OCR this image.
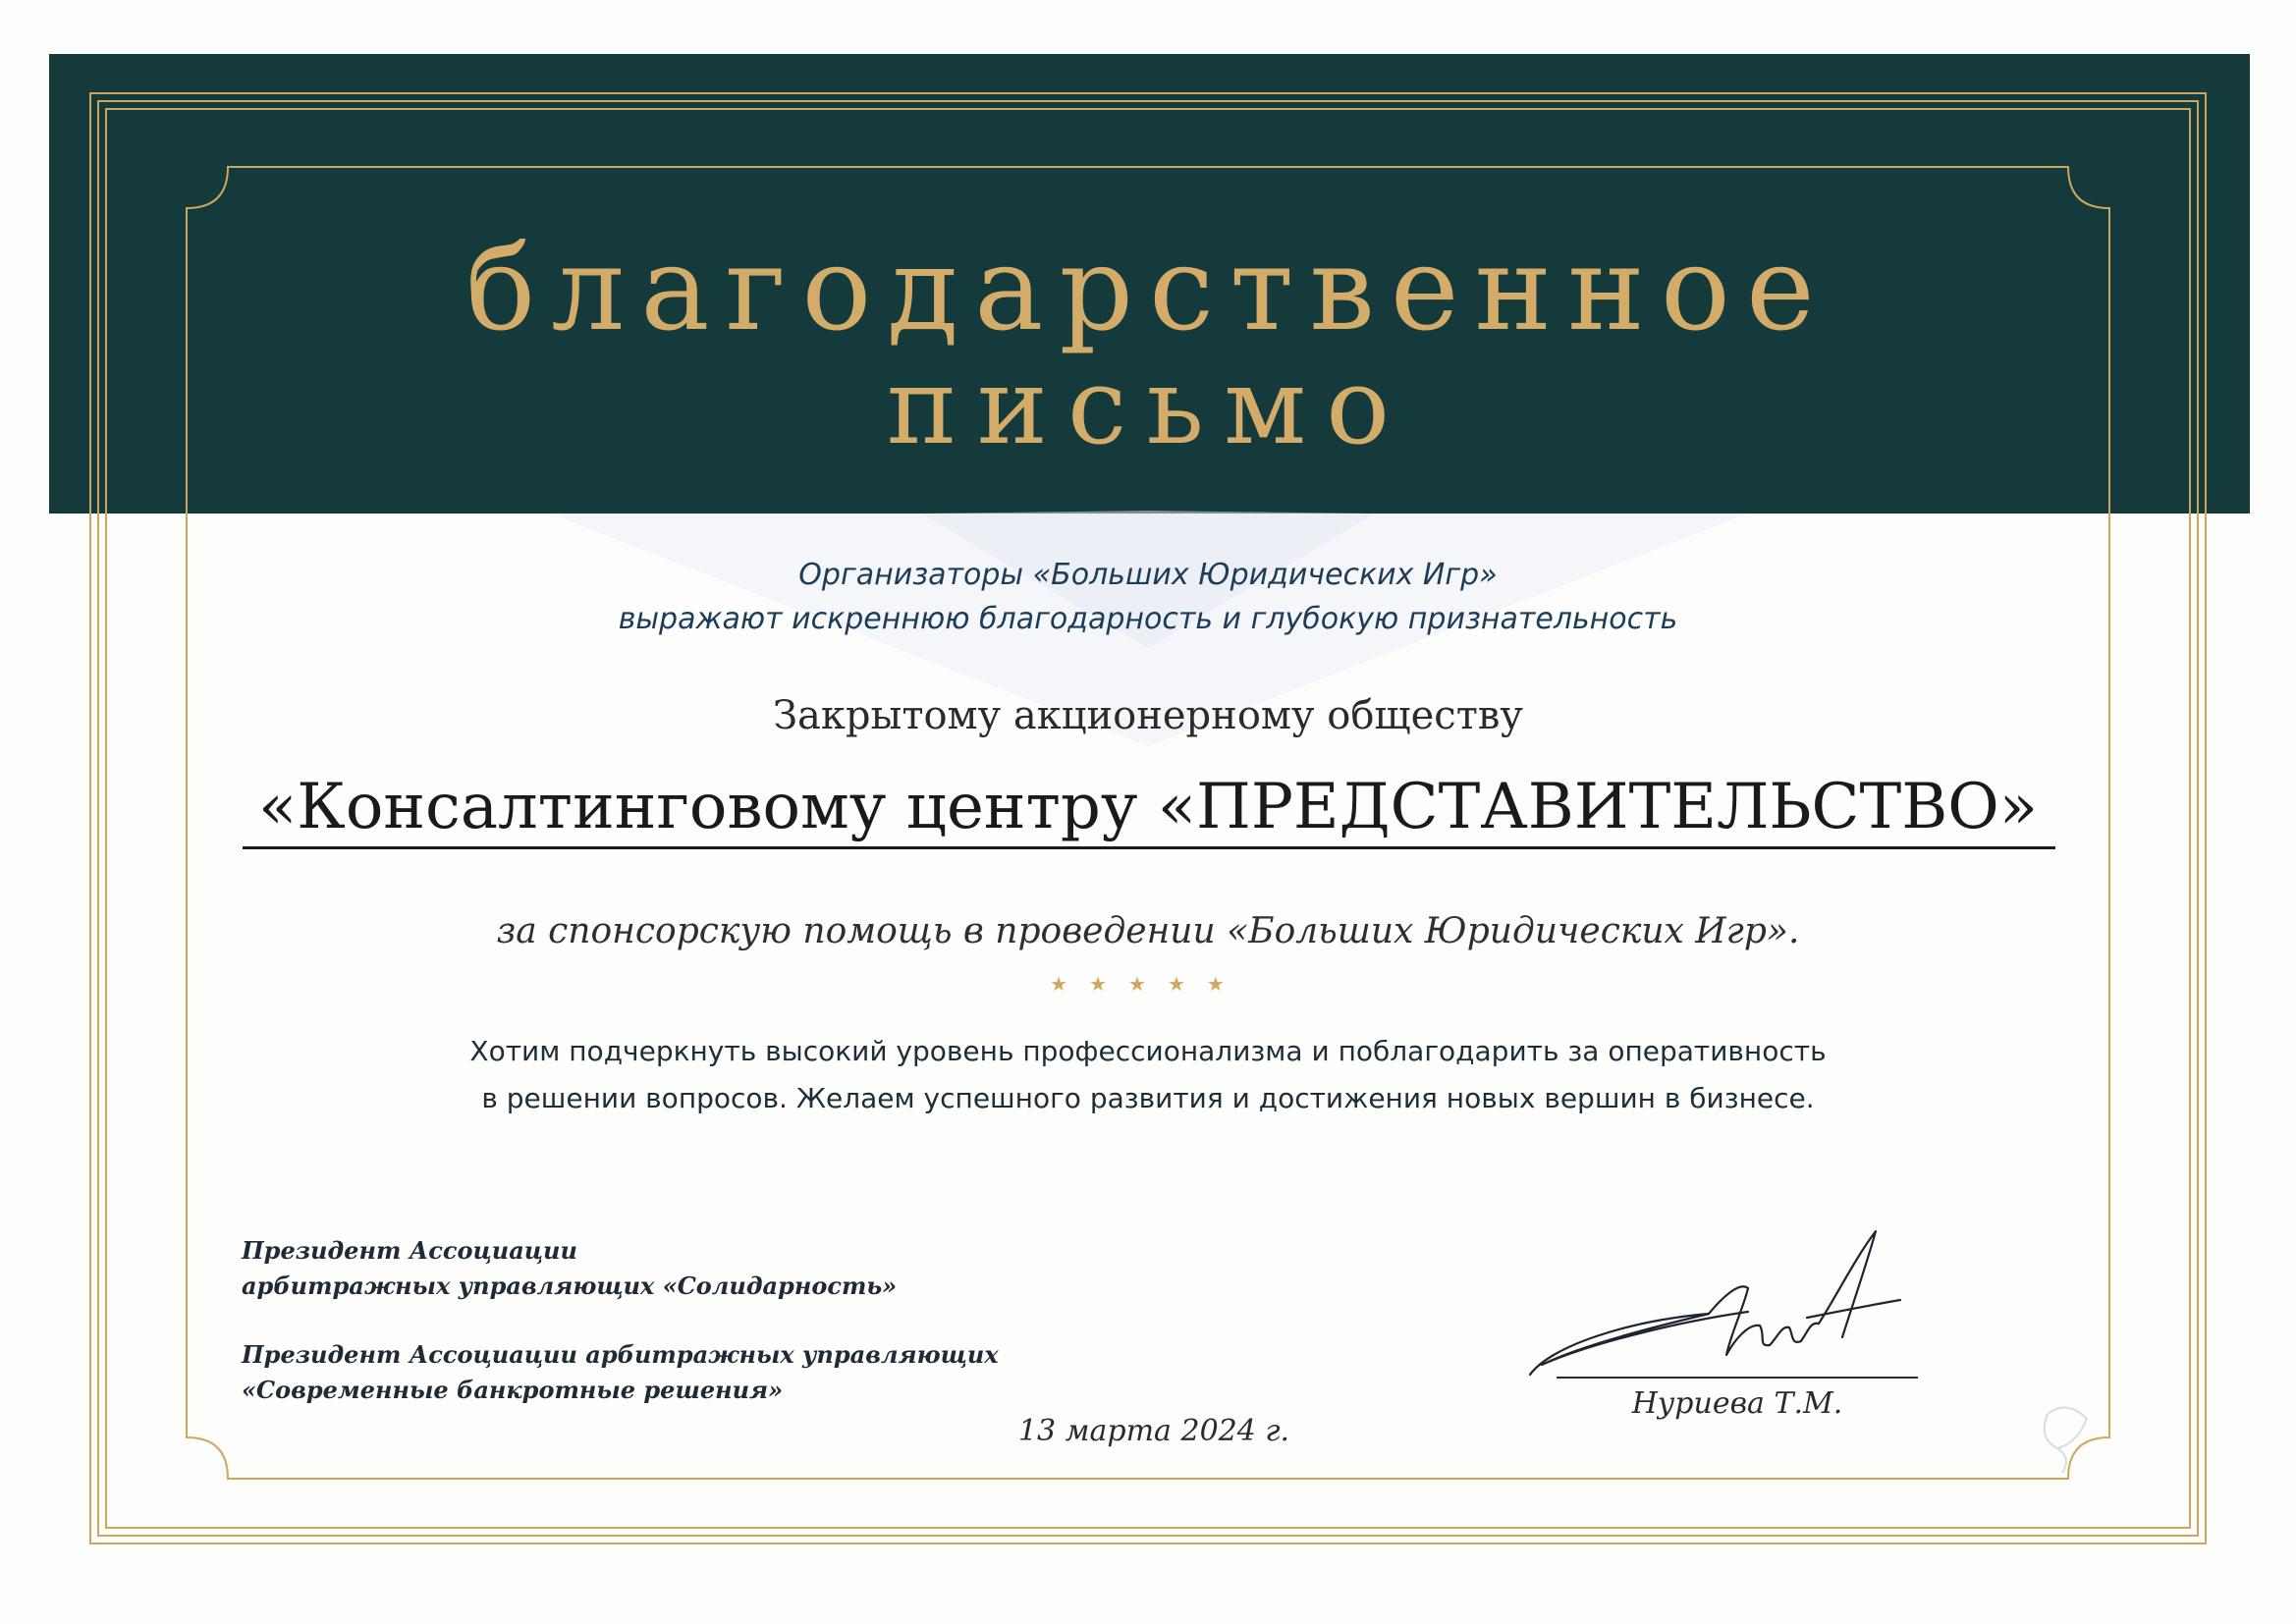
благодарственное
письмо
Организаторы «Больших Юридических Игр»
выражают искреннюю благодарность и глубокую признательность
Закрытому акционерному обществу
«Консалтинговому центру «ПРЕДСТАВИТЕЛЬСТВО»
за спонсорскую помощь в проведении «Больших Юридических Игр».
★★★★★
Хотим подчеркнуть высокий уровень профессионализма и поблагодарить за оперативность
в решении вопросов. Желаем успешного развития и достижения новых вершин в бизнесе.
Президент Ассоциации
арбитражных управляющих «Солидарность»
Президент Ассоциации арбитражных управляющих
«Современные банкротные решения»
13 марта 2024 г.
Нуриева Т.М.
